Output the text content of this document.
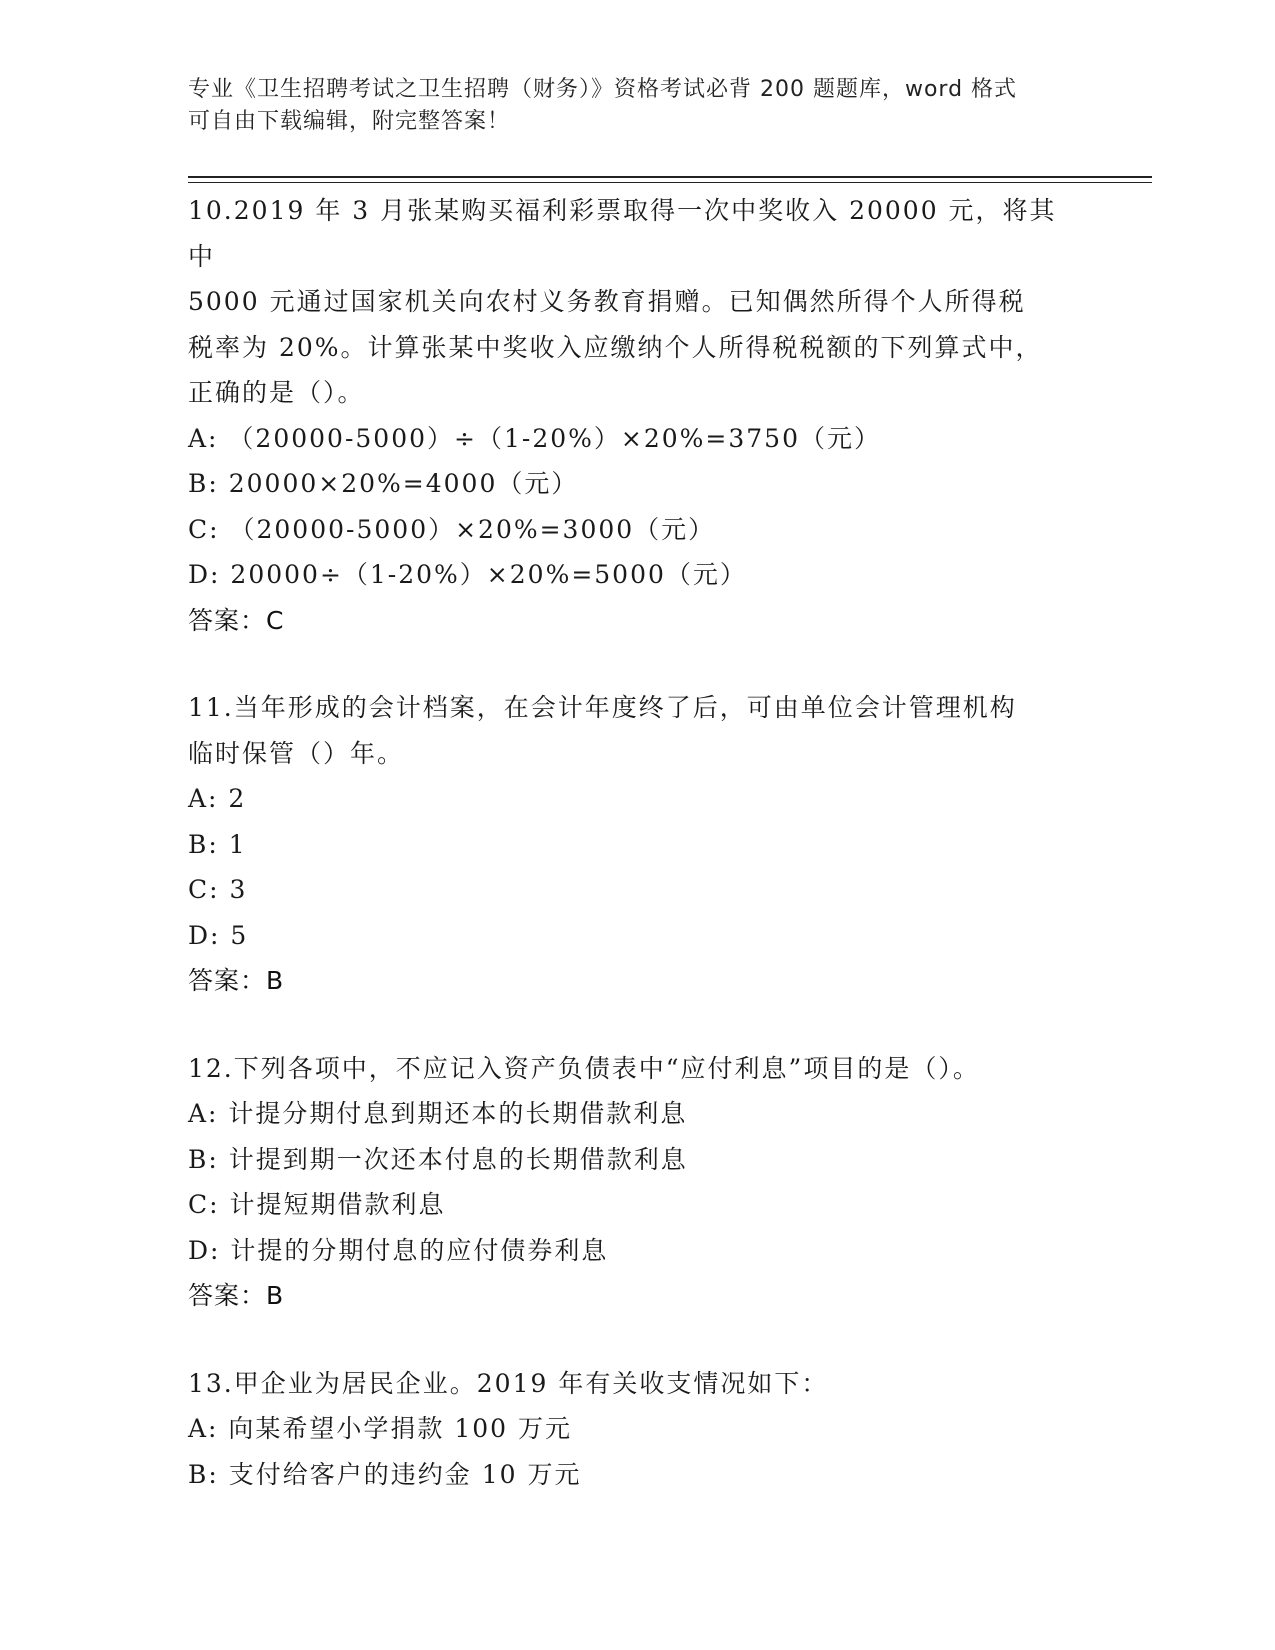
专业《卫生招聘考试之卫生招聘（财务）》资格考试必背 200 题题库，word 格式
可自由下载编辑，附完整答案！

10.2019 年 3 月张某购买福利彩票取得一次中奖收入 20000 元，将其中

5000 元通过国家机关向农村义务教育捐赠。已知偶然所得个人所得税

税率为 20%。计算张某中奖收入应缴纳个人所得税税额的下列算式中，

正确的是（）。

A: （20000-5000）÷（1-20%）×20%=3750（元）

B: 20000×20%=4000（元）

C: （20000-5000）×20%=3000（元）

D: 20000÷（1-20%）×20%=5000（元）

答案：C

11.当年形成的会计档案，在会计年度终了后，可由单位会计管理机构

临时保管（）年。

A: 2

B: 1

C: 3

D: 5

答案：B

12.下列各项中，不应记入资产负债表中“应付利息”项目的是（）。

A: 计提分期付息到期还本的长期借款利息

B: 计提到期一次还本付息的长期借款利息

C: 计提短期借款利息

D: 计提的分期付息的应付债券利息

答案：B

13.甲企业为居民企业。2019 年有关收支情况如下：

A: 向某希望小学捐款 100 万元

B: 支付给客户的违约金 10 万元
